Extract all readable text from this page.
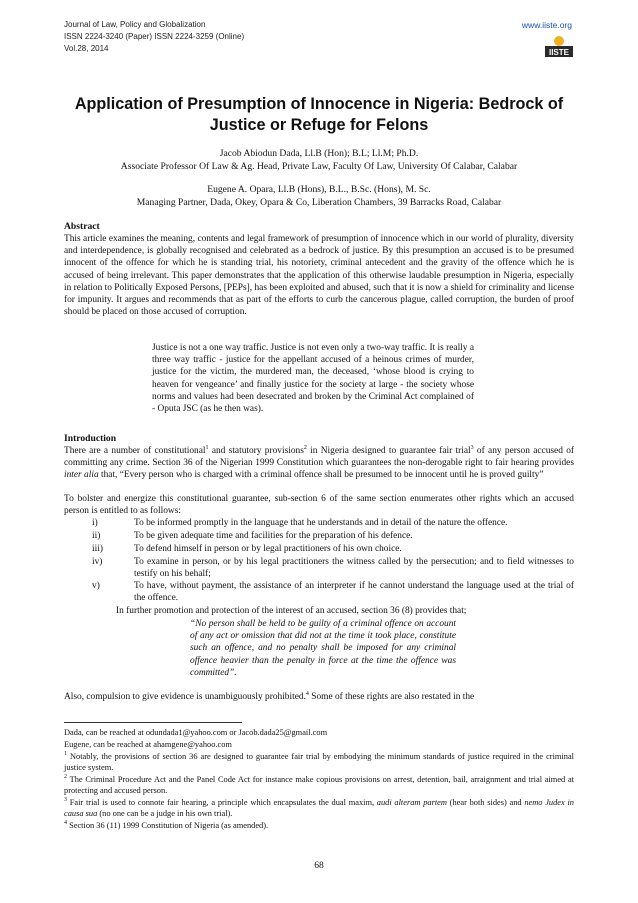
Journal of Law, Policy and Globalization
ISSN 2224-3240 (Paper) ISSN 2224-3259 (Online)
Vol.28, 2014
www.iiste.org
IISTE
Application of Presumption of Innocence in Nigeria: Bedrock of Justice or Refuge for Felons
Jacob Abiodun Dada, Ll.B (Hon); B.L; Ll.M; Ph.D.
Associate Professor Of Law & Ag. Head, Private Law, Faculty Of Law, University Of Calabar, Calabar
Eugene A. Opara, Ll.B (Hons), B.L., B.Sc. (Hons), M. Sc.
Managing Partner, Dada, Okey, Opara & Co, Liberation Chambers, 39 Barracks Road, Calabar
Abstract

This article examines the meaning, contents and legal framework of presumption of innocence which in our world of plurality, diversity and interdependence, is globally recognised and celebrated as a bedrock of justice. By this presumption an accused is to be presumed innocent of the offence for which he is standing trial, his notoriety, criminal antecedent and the gravity of the offence which he is accused of being irrelevant. This paper demonstrates that the application of this otherwise laudable presumption in Nigeria, especially in relation to Politically Exposed Persons, [PEPs], has been exploited and abused, such that it is now a shield for criminality and license for impunity. It argues and recommends that as part of the efforts to curb the cancerous plague, called corruption, the burden of proof should be placed on those accused of corruption.

Justice is not a one way traffic. Justice is not even only a two-way traffic. It is really a three way traffic - justice for the appellant accused of a heinous crimes of murder, justice for the victim, the murdered man, the deceased, ‘whose blood is crying to heaven for vengeance’ and finally justice for the society at large - the society whose norms and values had been desecrated and broken by the Criminal Act complained of - Oputa JSC (as he then was).
Introduction

There are a number of constitutional$^1$ and statutory provisions$^2$ in Nigeria designed to guarantee fair trial$^3$ of any person accused of committing any crime. Section 36 of the Nigerian 1999 Constitution which guarantees the non-derogable right to fair hearing provides inter alia that, “Every person who is charged with a criminal offence shall be presumed to be innocent until he is proved guilty”

To bolster and energize this constitutional guarantee, sub-section 6 of the same section enumerates other rights which an accused person is entitled to as follows:

i)	To be informed promptly in the language that he understands and in detail of the nature the offence.
ii)	To be given adequate time and facilities for the preparation of his defence.
iii)	To defend himself in person or by legal practitioners of his own choice.
iv)	To examine in person, or by his legal practitioners the witness called by the persecution; and to field witnesses to testify on his behalf;
v)	To have, without payment, the assistance of an interpreter if he cannot understand the language used at the trial of the offence.
In further promotion and protection of the interest of an accused, section 36 (8) provides that;
“No person shall be held to be guilty of a criminal offence on account of any act or omission that did not at the time it took place, constitute such an offence, and no penalty shall be imposed for any criminal offence heavier than the penalty in force at the time the offence was committed”.
Also, compulsion to give evidence is unambiguously prohibited.$^4$ Some of these rights are also restated in the
Dada, can be reached at odundada1@yahoo.com or Jacob.dada25@gmail.com
Eugene, can be reached at ahamgene@yahoo.com
$^1$ Notably, the provisions of section 36 are designed to guarantee fair trial by embodying the minimum standards of justice required in the criminal justice system.
$^2$ The Criminal Procedure Act and the Panel Code Act for instance make copious provisions on arrest, detention, bail, arraignment and trial aimed at protecting and accused person.
$^3$ Fair trial is used to connote fair hearing, a principle which encapsulates the dual maxim, audi alteram partem (hear both sides) and nemo Judex in causa sua (no one can be a judge in his own trial).
$^4$ Section 36 (11) 1999 Constitution of Nigeria (as amended).
68
